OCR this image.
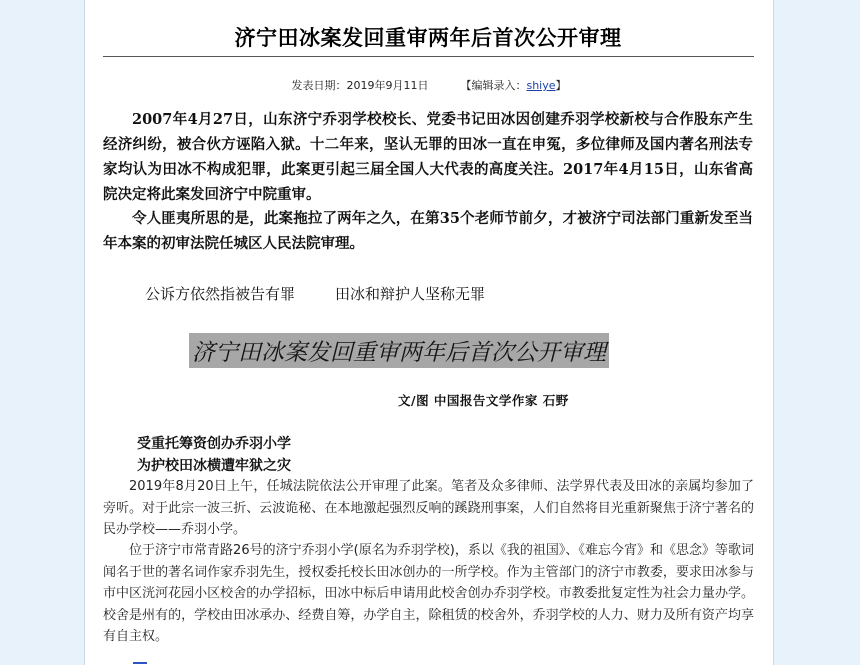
济宁田冰案发回重审两年后首次公开审理
发表日期：2019年9月11日	【编辑录入：shiye】

2007年4月27日，山东济宁乔羽学校校长、党委书记田冰因创建乔羽学校新校与合作股东产生经济纠纷，被合伙方诬陷入狱。十二年来，坚认无罪的田冰一直在申冤，多位律师及国内著名刑法专家均认为田冰不构成犯罪，此案更引起三届全国人大代表的高度关注。2017年4月15日，山东省高院决定将此案发回济宁中院重审。

令人匪夷所思的是，此案拖拉了两年之久，在第35个老师节前夕，才被济宁司法部门重新发至当年本案的初审法院任城区人民法院审理。

公诉方依然指被告有罪	田冰和辩护人坚称无罪
济宁田冰案发回重审两年后首次公开审理
文/图 中国报告文学作家 石野
受重托筹资创办乔羽小学
为护校田冰横遭牢狱之灾

2019年8月20日上午，任城法院依法公开审理了此案。笔者及众多律师、法学界代表及田冰的亲属均参加了旁听。对于此宗一波三折、云波诡秘、在本地激起强烈反响的蹊跷刑事案，人们自然将目光重新聚焦于济宁著名的民办学校——乔羽小学。

位于济宁市常青路26号的济宁乔羽小学(原名为乔羽学校)，系以《我的祖国》、《难忘今宵》和《思念》等歌词闻名于世的著名词作家乔羽先生，授权委托校长田冰创办的一所学校。作为主管部门的济宁市教委，要求田冰参与市中区洸河花园小区校舍的办学招标，田冰中标后申请用此校舍创办乔羽学校。市教委批复定性为社会力量办学。校舍是州有的，学校由田冰承办、经费自筹，办学自主，除租赁的校舍外，乔羽学校的人力、财力及所有资产均享有自主权。
